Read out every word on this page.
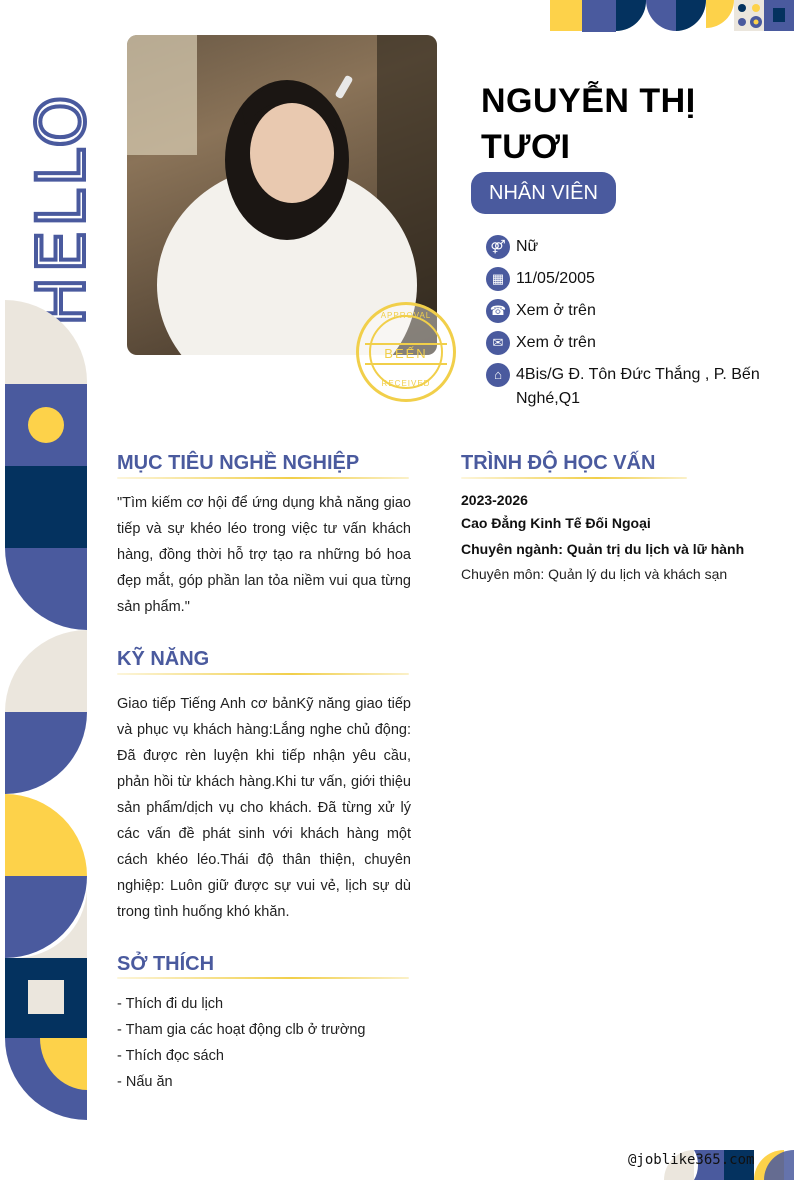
HELLO	APPROVAL
BEẾN
RECEIVED
NGUYỄN THỊ TƯƠI
NHÂN VIÊN
⚤ Nữ
▦ 11/05/2005
☎ Xem ở trên
✉ Xem ở trên
⌂ 4Bis/G Đ. Tôn Đức Thắng , P. Bến Nghé,Q1
MỤC TIÊU NGHỀ NGHIỆP
"Tìm kiếm cơ hội để ứng dụng khả năng giao tiếp và sự khéo léo trong việc tư vấn khách hàng, đồng thời hỗ trợ tạo ra những bó hoa đẹp mắt, góp phần lan tỏa niềm vui qua từng sản phẩm."
KỸ NĂNG
Giao tiếp Tiếng Anh cơ bảnKỹ năng giao tiếp và phục vụ khách hàng:Lắng nghe chủ động: Đã được rèn luyện khi tiếp nhận yêu cầu, phản hồi từ khách hàng.Khi tư vấn, giới thiệu sản phẩm/dịch vụ cho khách. Đã từng xử lý các vấn đề phát sinh với khách hàng một cách khéo léo.Thái độ thân thiện, chuyên nghiệp: Luôn giữ được sự vui vẻ, lịch sự dù trong tình huống khó khăn.
SỞ THÍCH
- Thích đi du lịch
- Tham gia các hoạt động clb ở trường
- Thích đọc sách
- Nấu ăn
TRÌNH ĐỘ HỌC VẤN
2023-2026
Cao Đẳng Kinh Tế Đối Ngoại
Chuyên ngành: Quản trị du lịch và lữ hành
Chuyên môn: Quản lý du lịch và khách sạn
@joblike365.com
